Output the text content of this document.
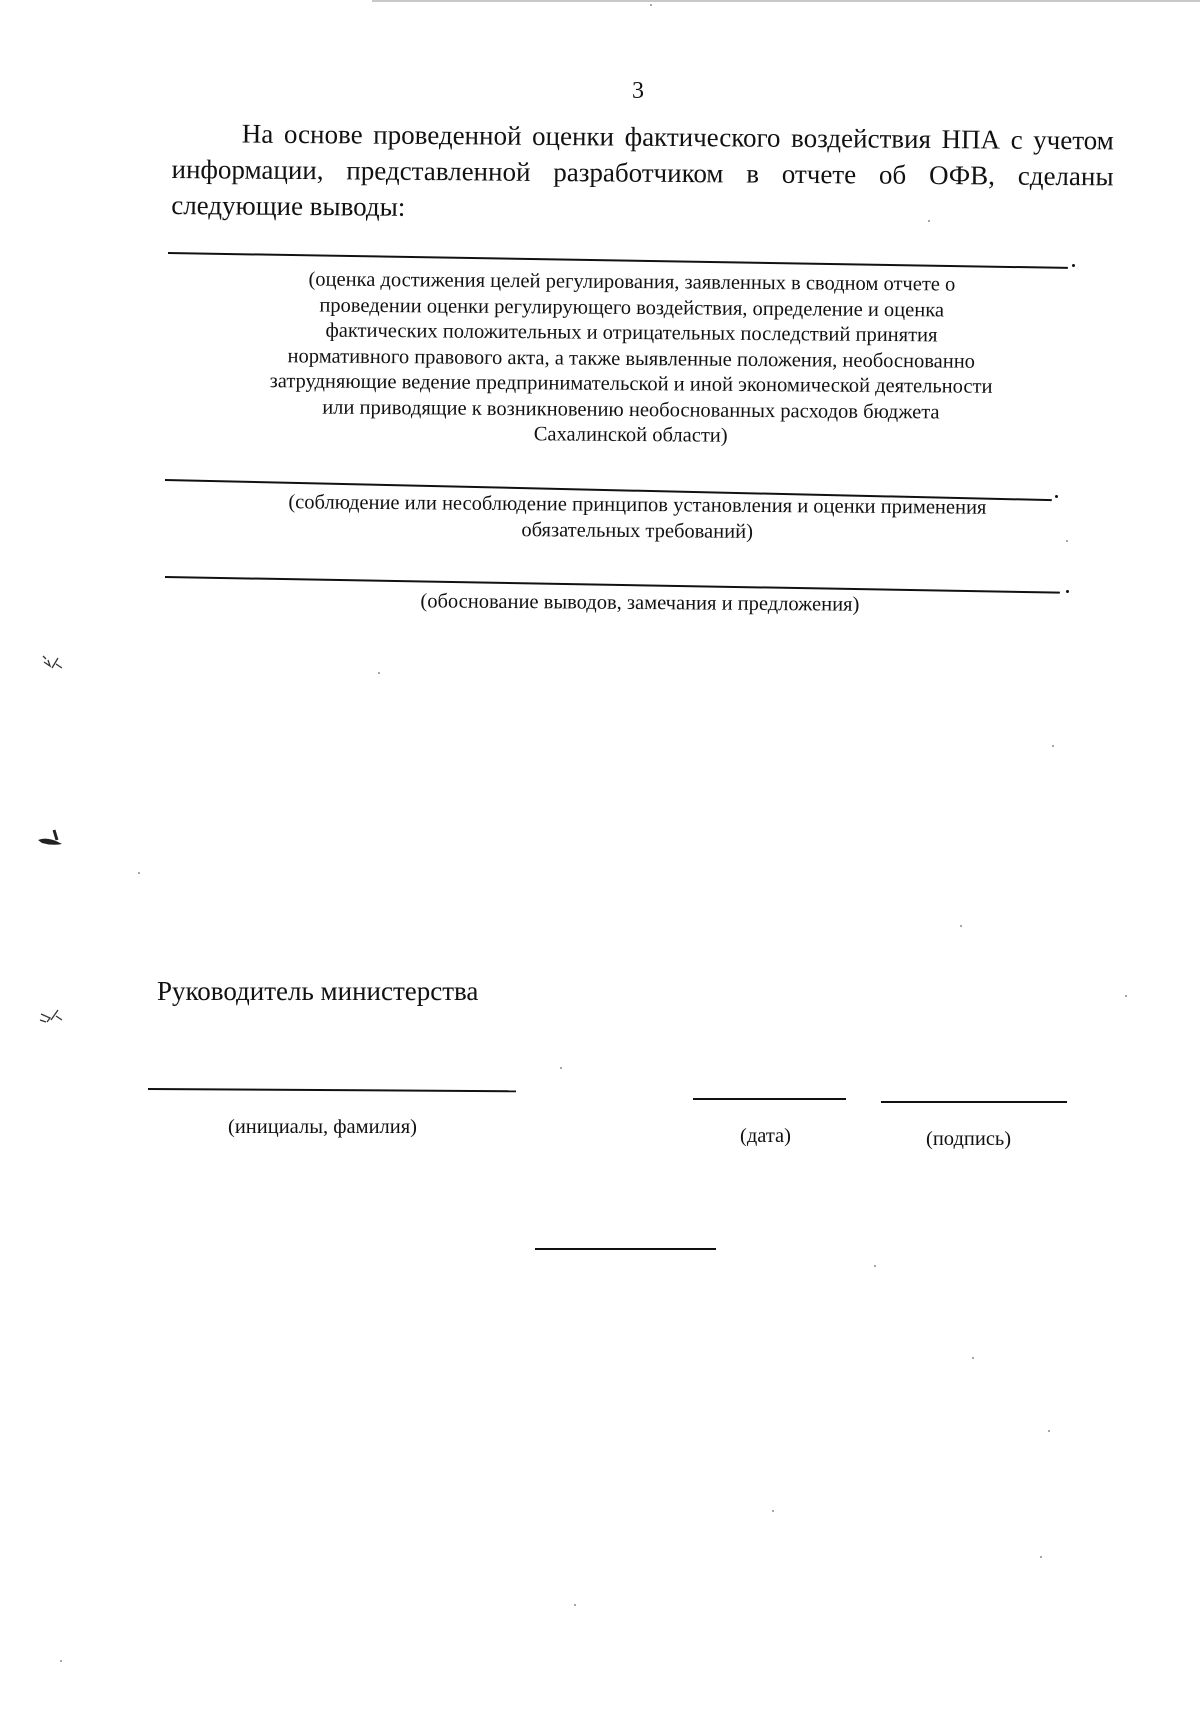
3
На основе проведенной оценки фактического воздействия НПА с учетом информации, представленной разработчиком в отчете об ОФВ, сделаны следующие выводы:
(оценка достижения целей регулирования, заявленных в сводном отчете о проведении оценки регулирующего воздействия, определение и оценка фактических положительных и отрицательных последствий принятия нормативного правового акта, а также выявленные положения, необоснованно затрудняющие ведение предпринимательской и иной экономической деятельности или приводящие к возникновению необоснованных расходов бюджета Сахалинской области)
(соблюдение или несоблюдение принципов установления и оценки применения обязательных требований)
(обоснование выводов, замечания и предложения)
Руководитель министерства
(инициалы, фамилия)	(дата)	(подпись)
